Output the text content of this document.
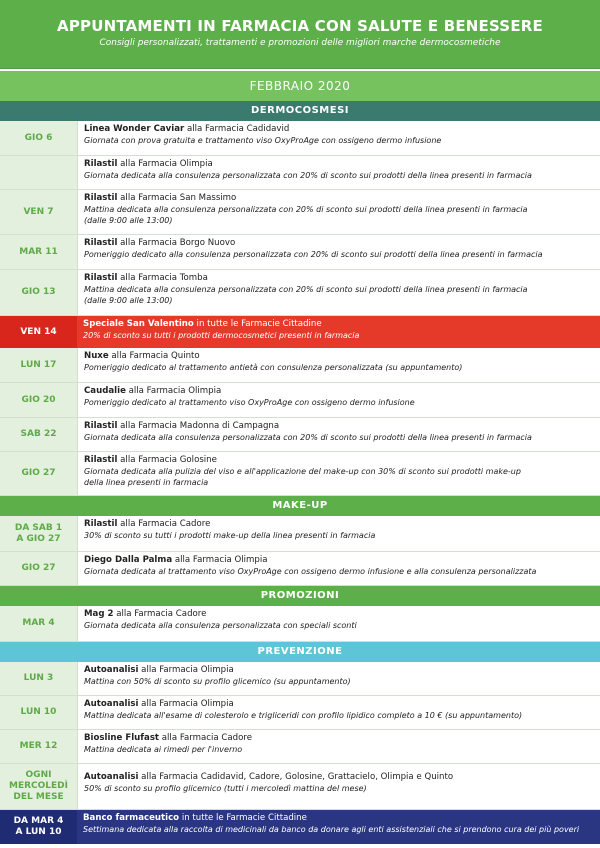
APPUNTAMENTI IN FARMACIA CON SALUTE E BENESSERE
Consigli personalizzati, trattamenti e promozioni delle migliori marche dermocosmetiche
FEBBRAIO 2020
DERMOCOSMESI
GIO 6
Linea Wonder Caviar alla Farmacia Cadidavid
Giornata con prova gratuita e trattamento viso OxyProAge con ossigeno dermo infusione
Rilastil alla Farmacia Olimpia
Giornata dedicata alla consulenza personalizzata con 20% di sconto sui prodotti della linea presenti in farmacia
VEN 7
Rilastil alla Farmacia San Massimo
Mattina dedicata alla consulenza personalizzata con 20% di sconto sui prodotti della linea presenti in farmacia
(dalle 9:00 alle 13:00)
MAR 11
Rilastil alla Farmacia Borgo Nuovo
Pomeriggio dedicato alla consulenza personalizzata con 20% di sconto sui prodotti della linea presenti in farmacia
GIO 13
Rilastil alla Farmacia Tomba
Mattina dedicata alla consulenza personalizzata con 20% di sconto sui prodotti della linea presenti in farmacia
(dalle 9:00 alle 13:00)
VEN 14
Speciale San Valentino in tutte le Farmacie Cittadine
20% di sconto su tutti i prodotti dermocosmetici presenti in farmacia
LUN 17
Nuxe alla Farmacia Quinto
Pomeriggio dedicato al trattamento antietà con consulenza personalizzata (su appuntamento)
GIO 20
Caudalie alla Farmacia Olimpia
Pomeriggio dedicato al trattamento viso OxyProAge con ossigeno dermo infusione
SAB 22
Rilastil alla Farmacia Madonna di Campagna
Giornata dedicata alla consulenza personalizzata con 20% di sconto sui prodotti della linea presenti in farmacia
GIO 27
Rilastil alla Farmacia Golosine
Giornata dedicata alla pulizia del viso e all'applicazione del make-up con 30% di sconto sui prodotti make-up
della linea presenti in farmacia
MAKE-UP
DA SAB 1
A GIO 27
Rilastil alla Farmacia Cadore
30% di sconto su tutti i prodotti make-up della linea presenti in farmacia
GIO 27
Diego Dalla Palma alla Farmacia Olimpia
Giornata dedicata al trattamento viso OxyProAge con ossigeno dermo infusione e alla consulenza personalizzata
PROMOZIONI
MAR 4
Mag 2 alla Farmacia Cadore
Giornata dedicata alla consulenza personalizzata con speciali sconti
PREVENZIONE
LUN 3
Autoanalisi alla Farmacia Olimpia
Mattina con 50% di sconto su profilo glicemico (su appuntamento)
LUN 10
Autoanalisi alla Farmacia Olimpia
Mattina dedicata all'esame di colesterolo e trigliceridi con profilo lipidico completo a 10 € (su appuntamento)
MER 12
Biosline Flufast alla Farmacia Cadore
Mattina dedicata ai rimedi per l'inverno
OGNI
MERCOLEDÌ
DEL MESE
Autoanalisi alla Farmacia Cadidavid, Cadore, Golosine, Grattacielo, Olimpia e Quinto
50% di sconto su profilo glicemico (tutti i mercoledì mattina del mese)
DA MAR 4
A LUN 10
Banco farmaceutico in tutte le Farmacie Cittadine
Settimana dedicata alla raccolta di medicinali da banco da donare agli enti assistenziali che si prendono cura dei più poveri
